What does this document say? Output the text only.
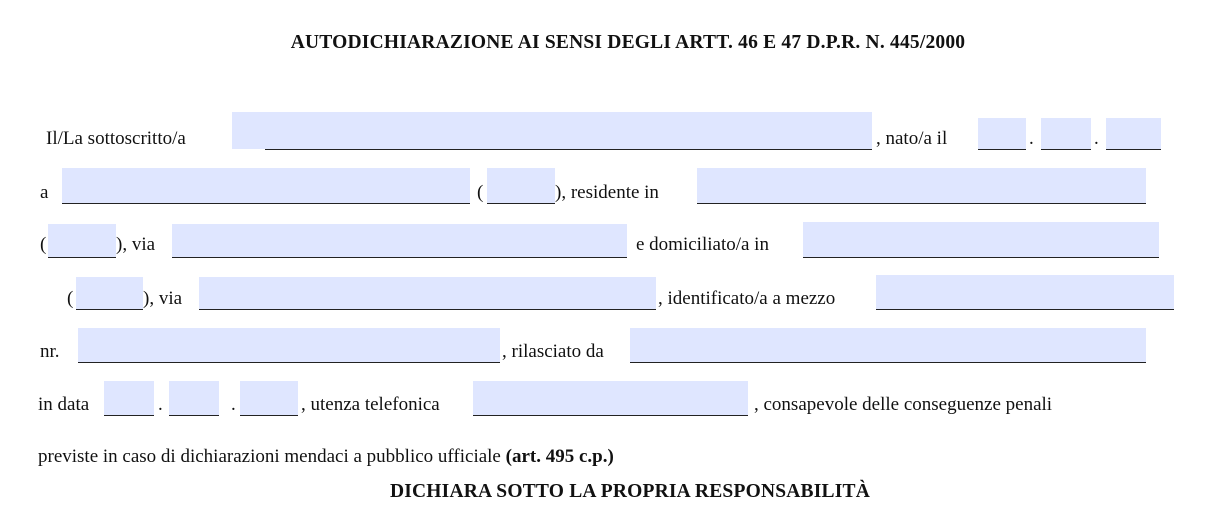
AUTODICHIARAZIONE AI SENSI DEGLI ARTT. 46 E 47 D.P.R. N. 445/2000
Il/La sottoscritto/a	, nato/a il	.	.
a	(	), residente in
(	), via	e domiciliato/a in
(	), via	, identificato/a a mezzo
nr.	, rilasciato da
in data	.	.	, utenza telefonica	, consapevole delle conseguenze penali
previste in caso di dichiarazioni mendaci a pubblico ufficiale (art. 495 c.p.)
DICHIARA SOTTO LA PROPRIA RESPONSABILITÀ
